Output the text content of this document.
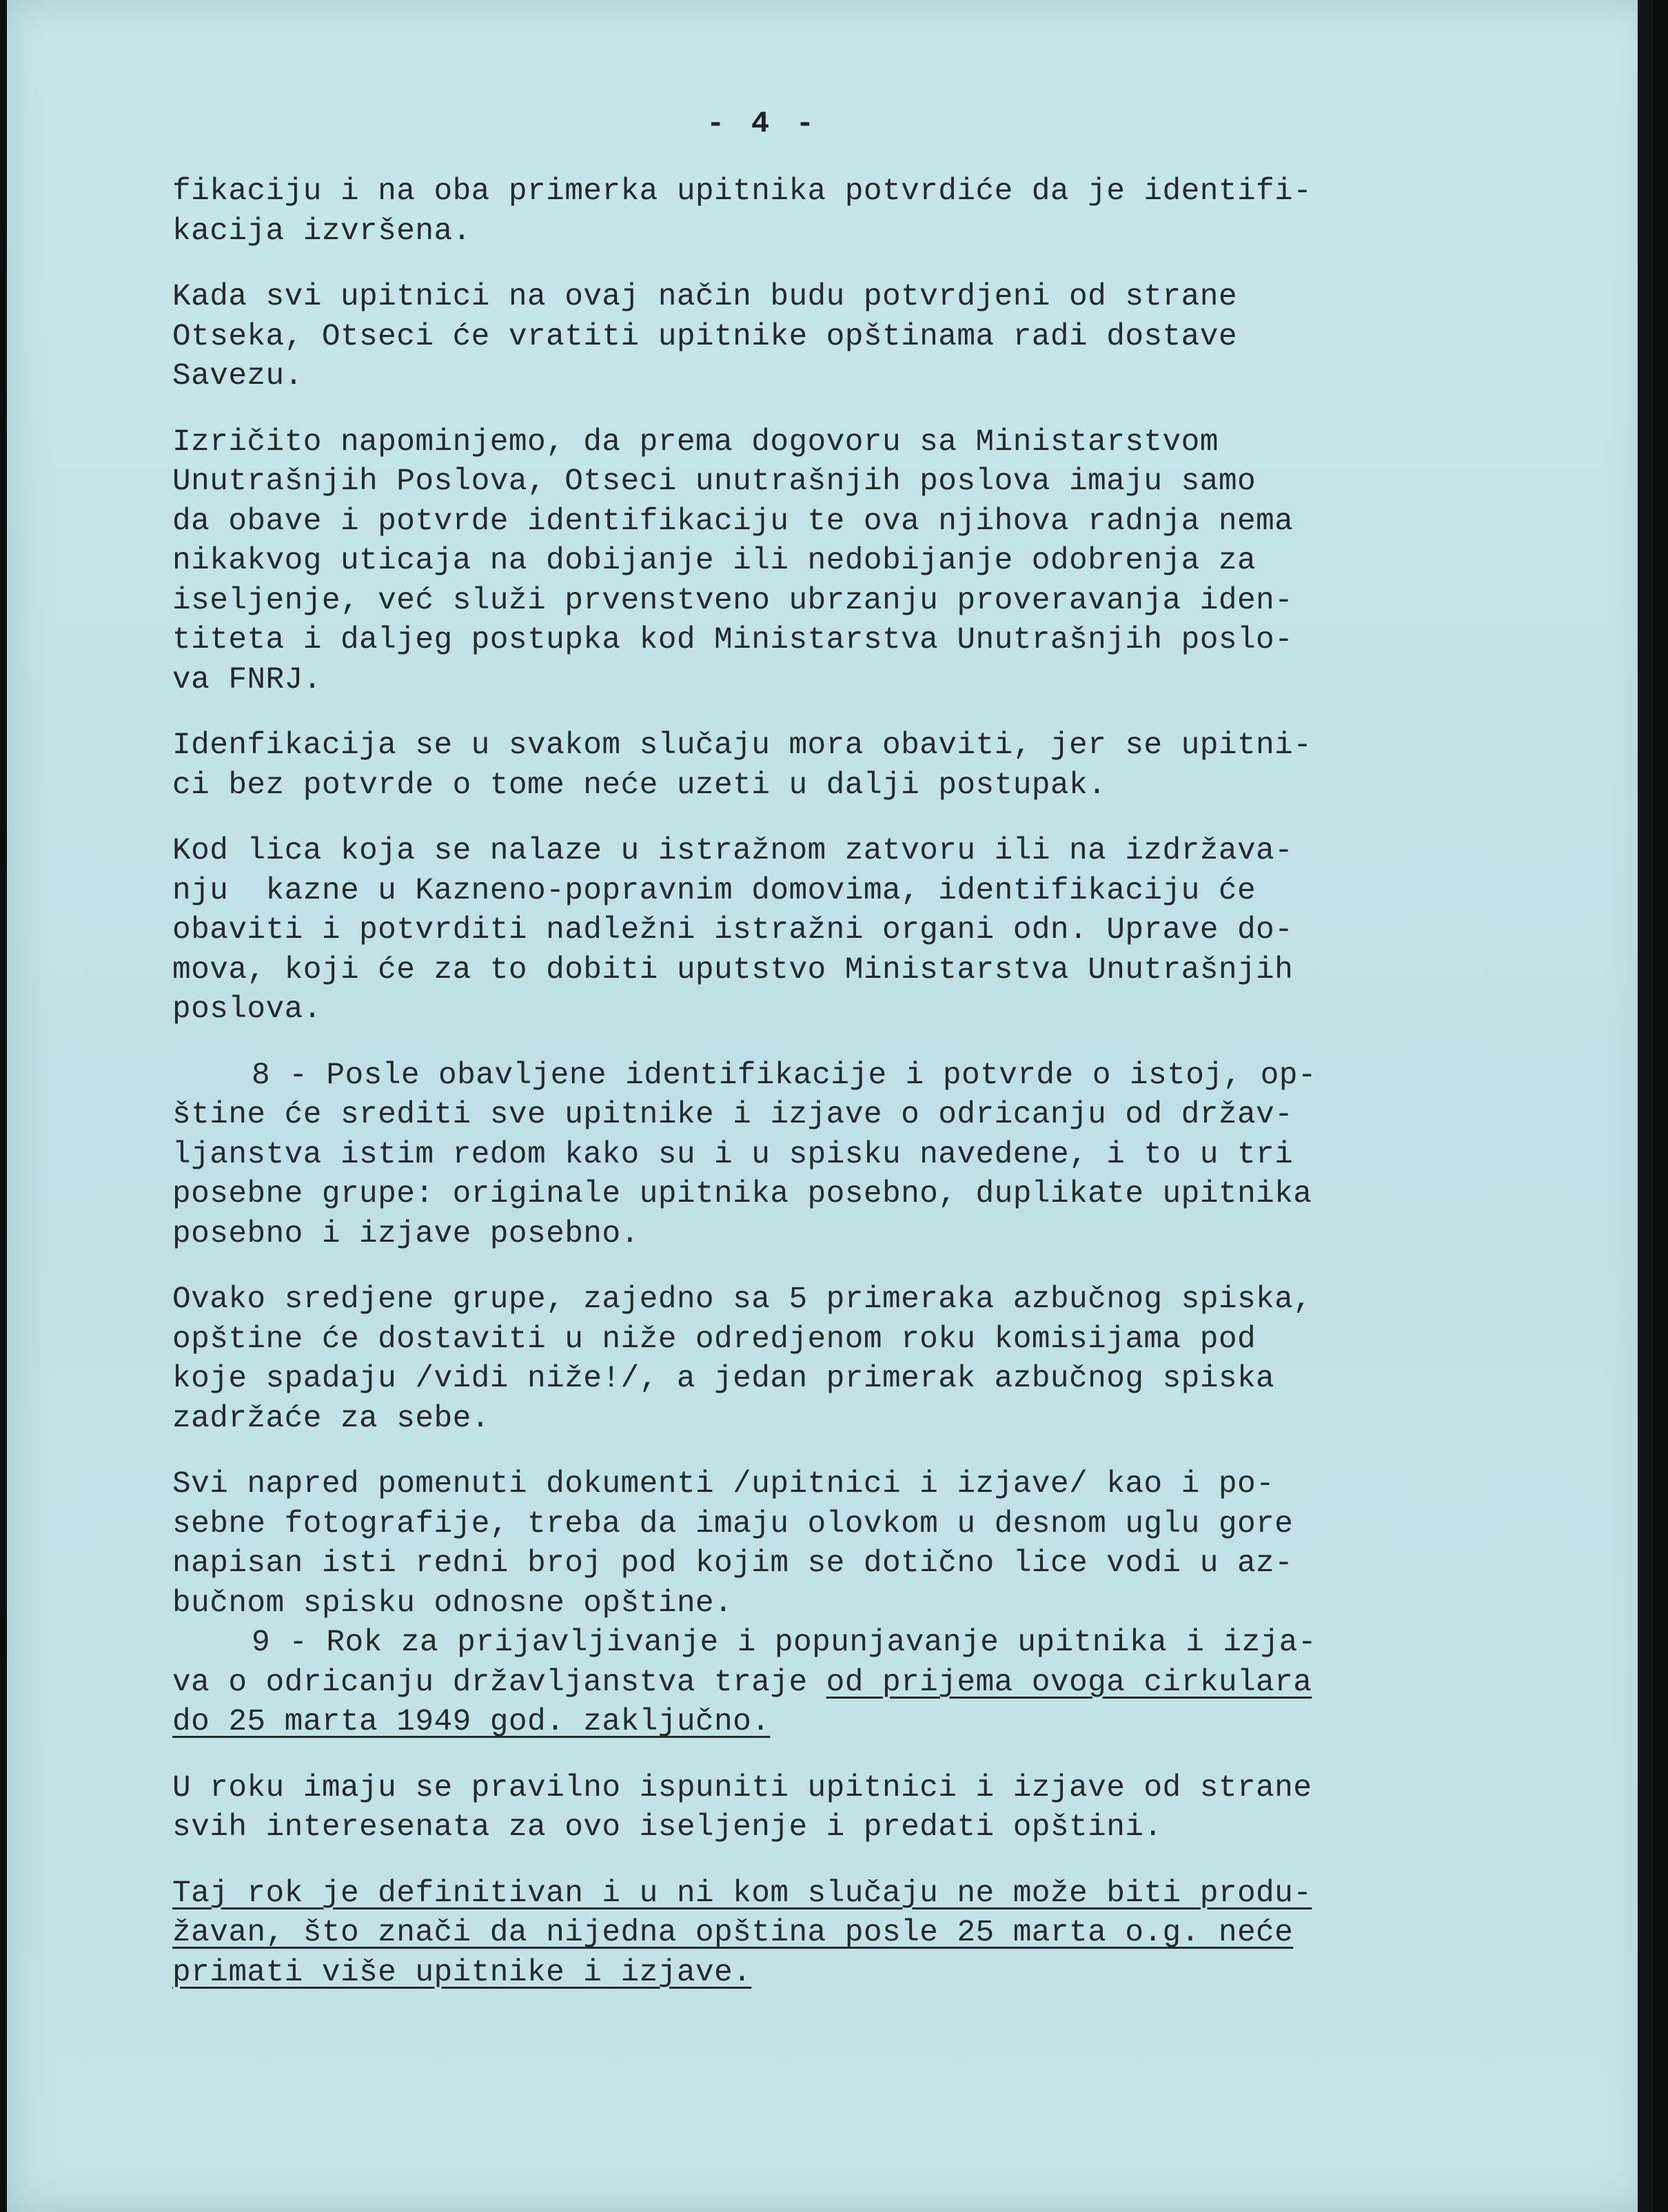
- 4 -
fikaciju i na oba primerka upitnika potvrdiće da je identifi-
kacija izvršena.
Kada svi upitnici na ovaj način budu potvrdjeni od strane
Otseka, Otseci će vratiti upitnike opštinama radi dostave
Savezu.
Izričito napominjemo, da prema dogovoru sa Ministarstvom
Unutrašnjih Poslova, Otseci unutrašnjih poslova imaju samo
da obave i potvrde identifikaciju te ova njihova radnja nema
nikakvog uticaja na dobijanje ili nedobijanje odobrenja za
iseljenje, već služi prvenstveno ubrzanju proveravanja iden-
titeta i daljeg postupka kod Ministarstva Unutrašnjih poslo-
va FNRJ.
Idenfikacija se u svakom slučaju mora obaviti, jer se upitni-
ci bez potvrde o tome neće uzeti u dalji postupak.
Kod lica koja se nalaze u istražnom zatvoru ili na izdržava-
nju  kazne u Kazneno-popravnim domovima, identifikaciju će
obaviti i potvrditi nadležni istražni organi odn. Uprave do-
mova, koji će za to dobiti uputstvo Ministarstva Unutrašnjih
poslova.
8 - Posle obavljene identifikacije i potvrde o istoj, op-
štine će srediti sve upitnike i izjave o odricanju od držav-
ljanstva istim redom kako su i u spisku navedene, i to u tri
posebne grupe: originale upitnika posebno, duplikate upitnika
posebno i izjave posebno.
Ovako sredjene grupe, zajedno sa 5 primeraka azbučnog spiska,
opštine će dostaviti u niže odredjenom roku komisijama pod
koje spadaju /vidi niže!/, a jedan primerak azbučnog spiska
zadržaće za sebe.
Svi napred pomenuti dokumenti /upitnici i izjave/ kao i po-
sebne fotografije, treba da imaju olovkom u desnom uglu gore
napisan isti redni broj pod kojim se dotično lice vodi u az-
bučnom spisku odnosne opštine.
9 - Rok za prijavljivanje i popunjavanje upitnika i izja-
va o odricanju državljanstva traje od prijema ovoga cirkulara
do 25 marta 1949 god. zaključno.
U roku imaju se pravilno ispuniti upitnici i izjave od strane
svih interesenata za ovo iseljenje i predati opštini.
Taj rok je definitivan i u ni kom slučaju ne može biti produ-
žavan, što znači da nijedna opština posle 25 marta o.g. neće
primati više upitnike i izjave.
